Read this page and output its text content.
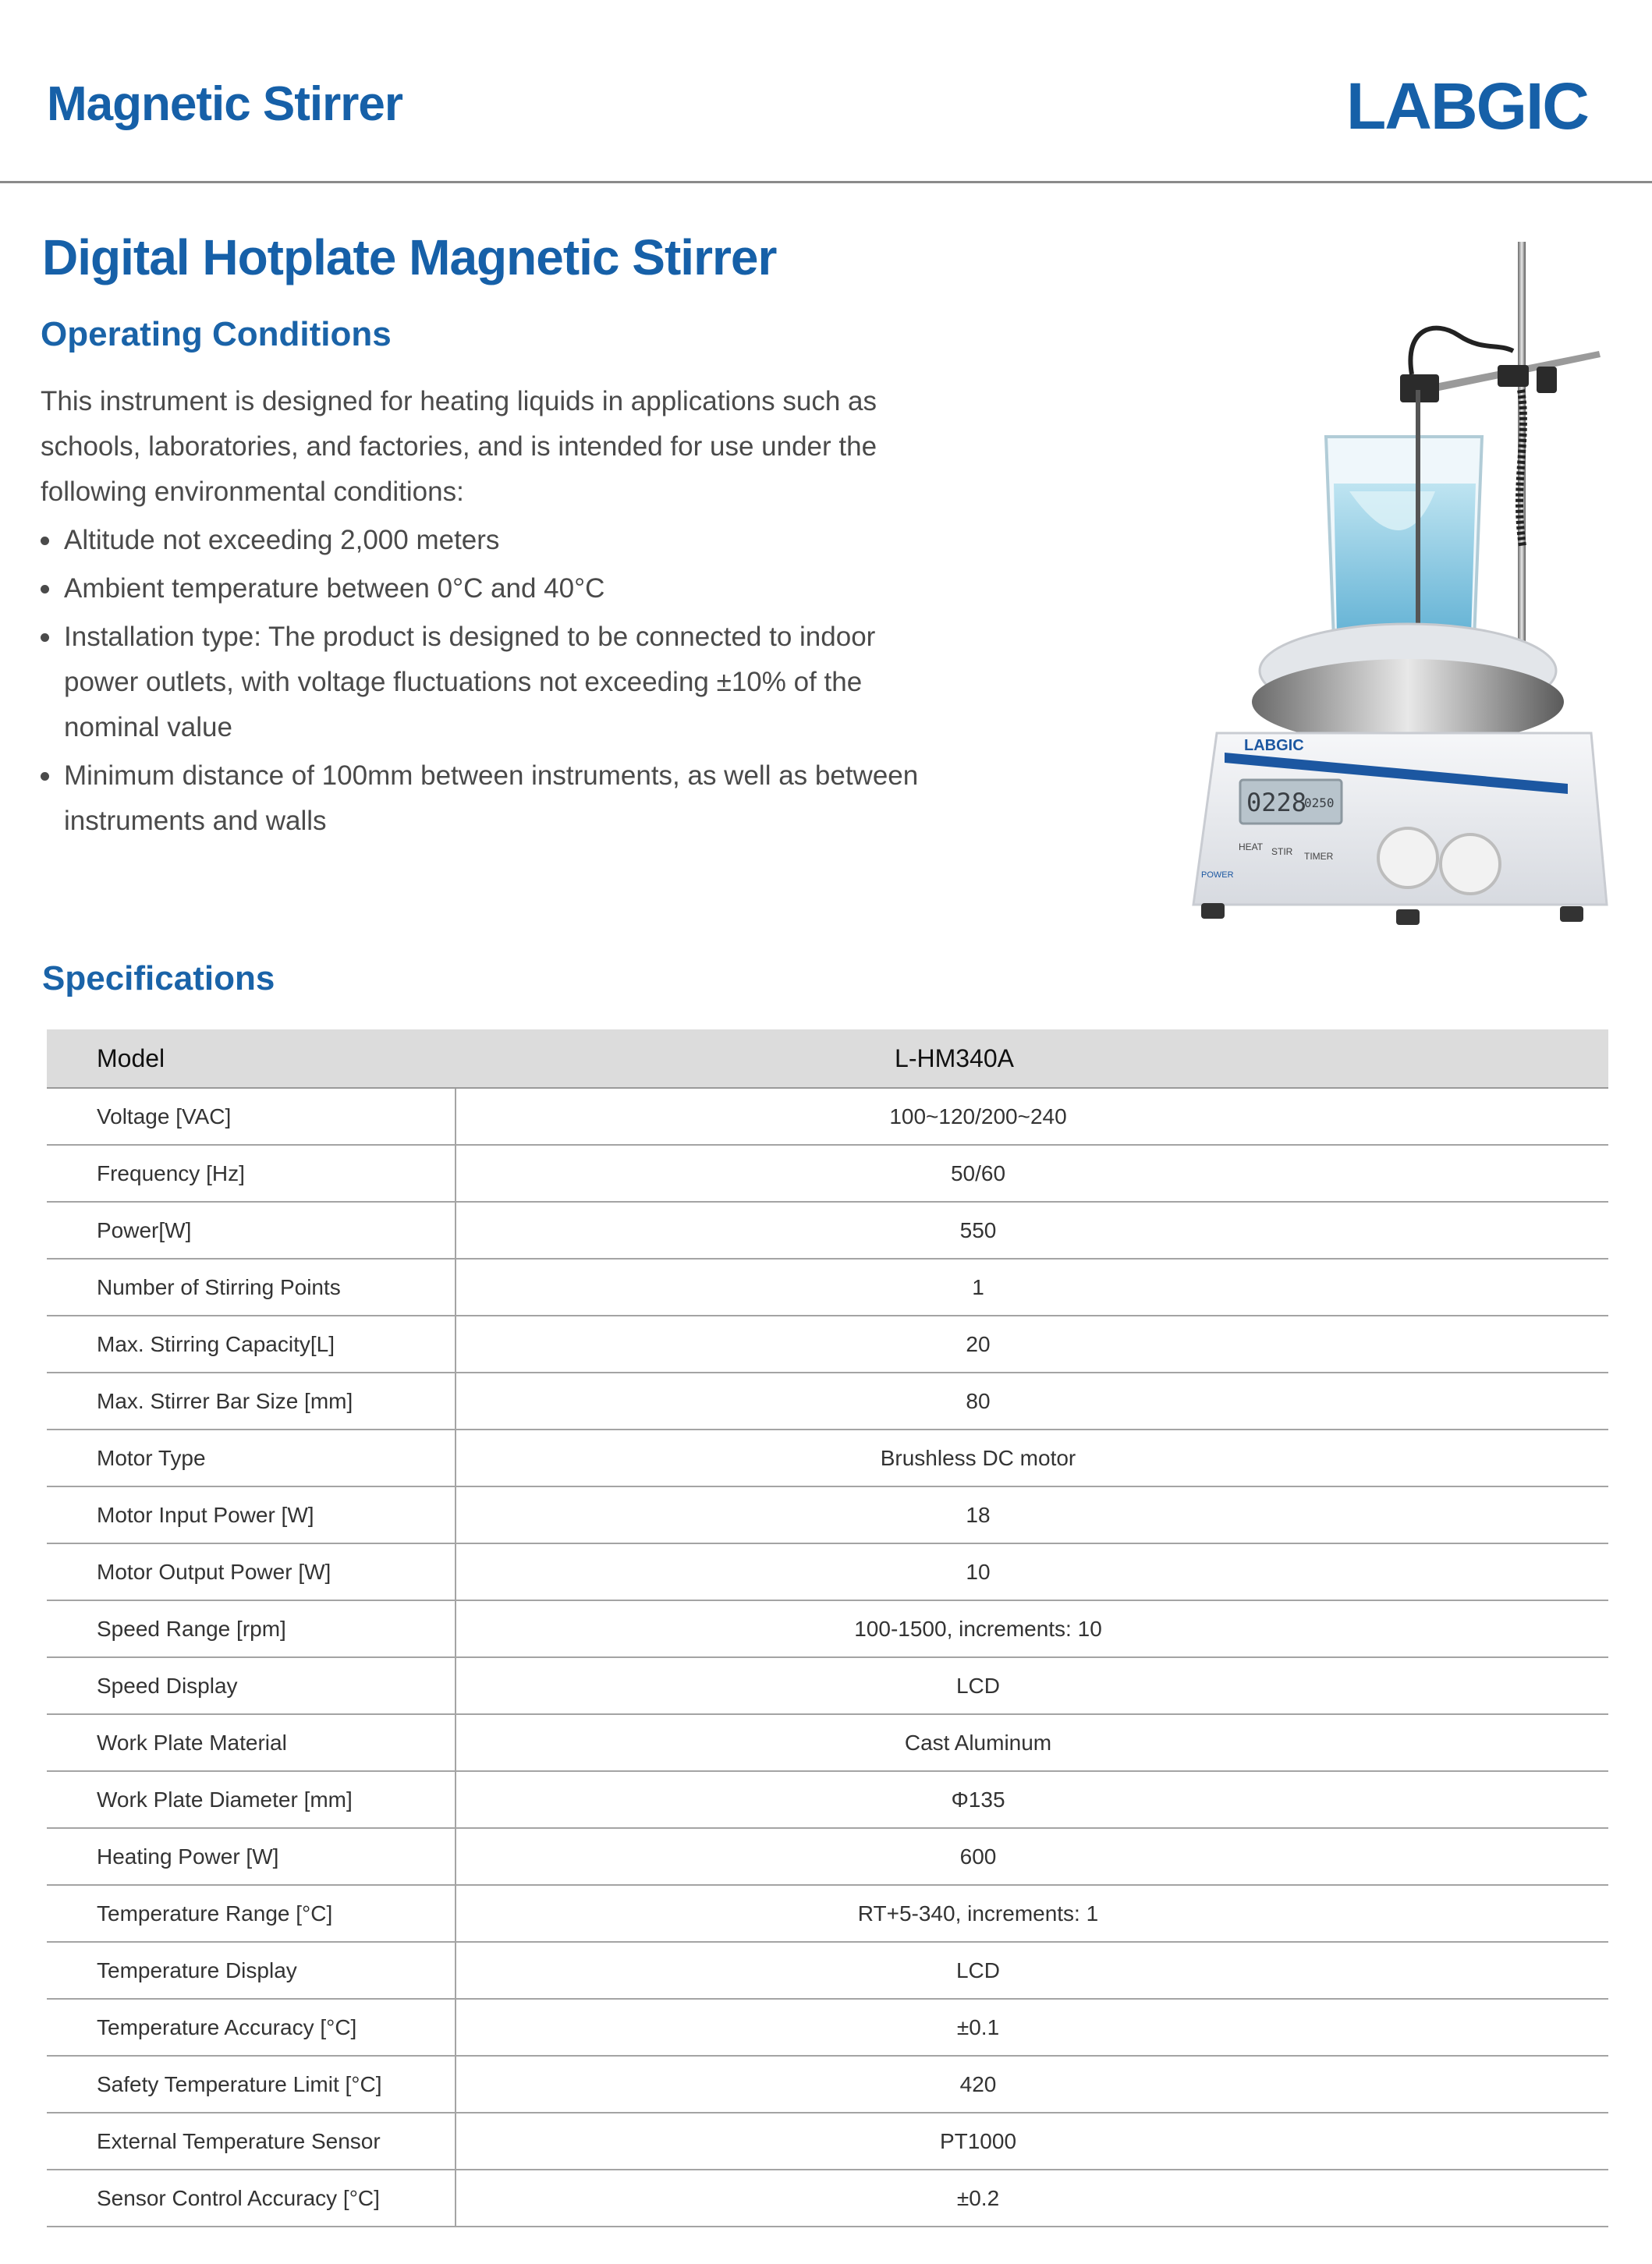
Magnetic Stirrer	LABGIC
Digital Hotplate Magnetic Stirrer
Operating Conditions

This instrument is designed for heating liquids in applications such as schools, laboratories, and factories, and is intended for use under the following environmental conditions:

Altitude not exceeding 2,000 meters
Ambient temperature between 0°C and 40°C
Installation type: The product is designed to be connected to indoor power outlets, with voltage fluctuations not exceeding ±10% of the nominal value
Minimum distance of 100mm between instruments, as well as between instruments and walls
LABGIC
0228
0250
HEAT STIR TIMER
POWER
Specifications
Model	L-HM340A
Voltage [VAC]	100~120/200~240
Frequency [Hz]	50/60
Power[W]	550
Number of Stirring Points	1
Max. Stirring Capacity[L]	20
Max. Stirrer Bar Size [mm]	80
Motor Type	Brushless DC motor
Motor Input Power [W]	18
Motor Output Power [W]	10
Speed Range [rpm]	100-1500, increments: 10
Speed Display	LCD
Work Plate Material	Cast Aluminum
Work Plate Diameter [mm]	Φ135
Heating Power [W]	600
Temperature Range [°C]	RT+5-340, increments: 1
Temperature Display	LCD
Temperature Accuracy [°C]	±0.1
Safety Temperature Limit [°C]	420
External Temperature Sensor	PT1000
Sensor Control Accuracy [°C]	±0.2
